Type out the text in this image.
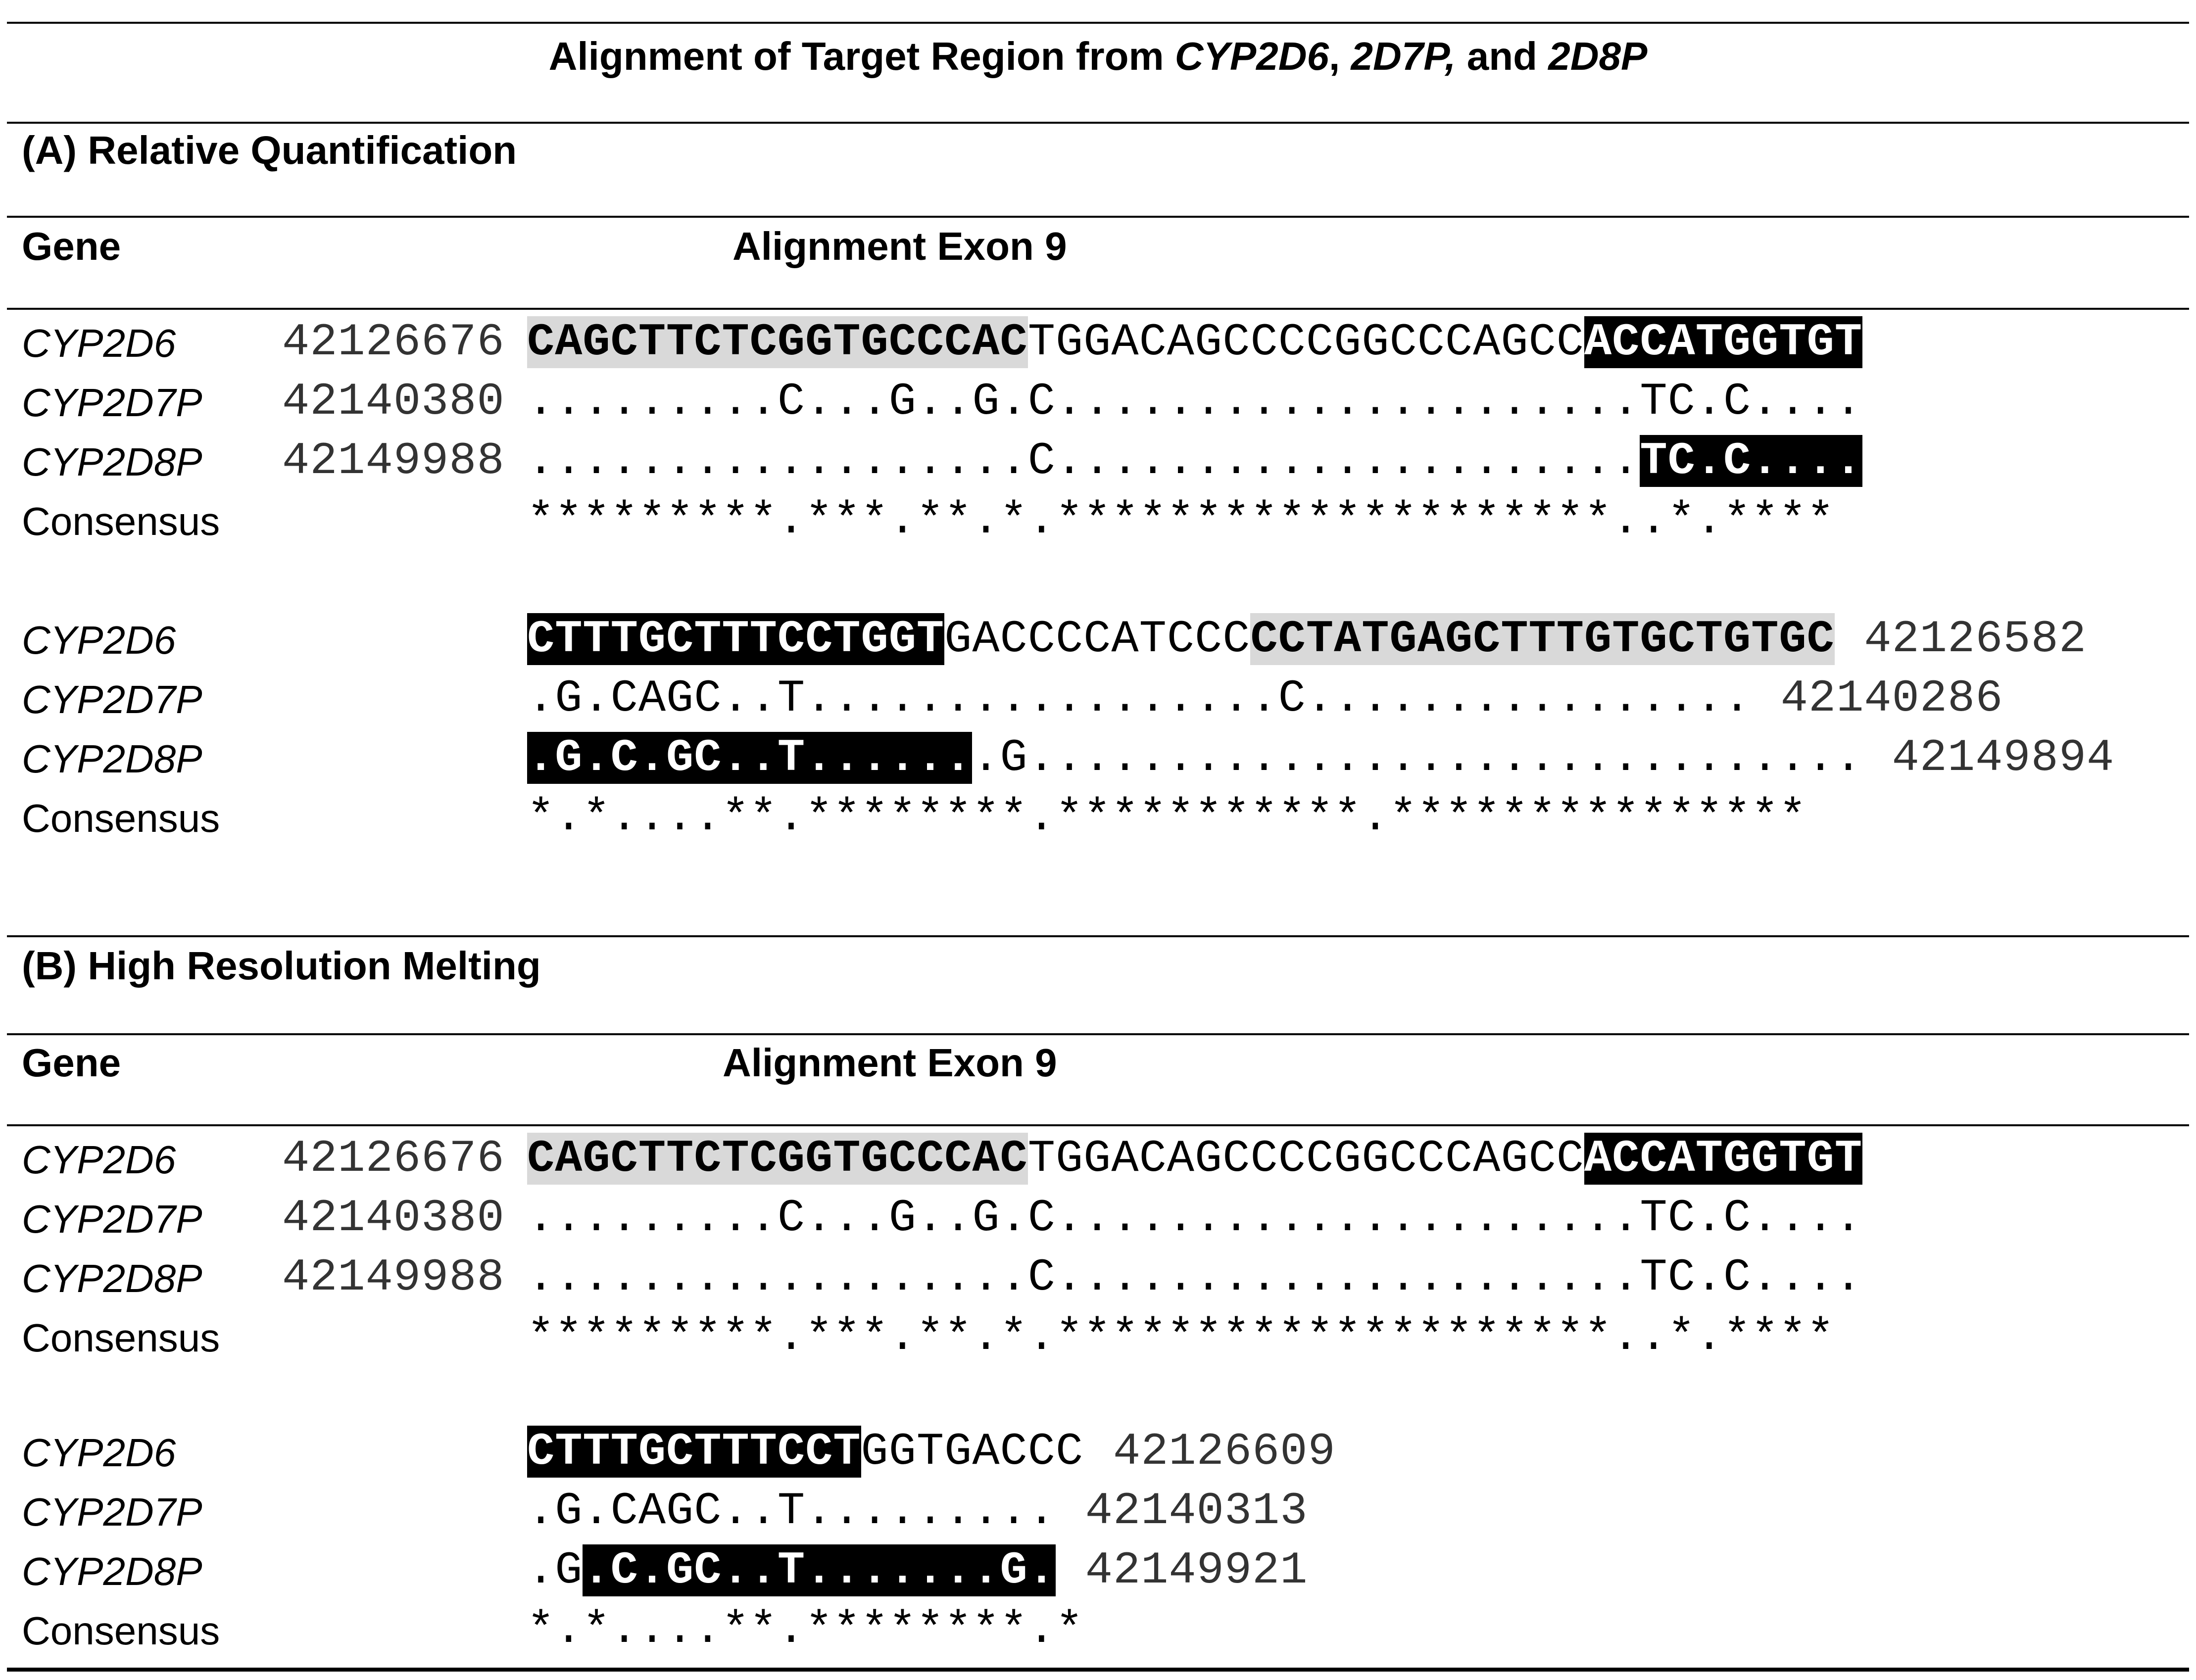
Alignment of Target Region from CYP2D6, 2D7P, and 2D8P
(A) Relative Quantification
Gene	Alignment Exon 9
(B) High Resolution Melting
Gene	Alignment Exon 9
CYP2D6 42126676 CAGCTTCTCGGTGCCCACTGGACAGCCCCGGCCCAGCCACCATGGTGT
CYP2D7P 42140380 .........C...G..G.C.....................TC.C....
CYP2D8P 42149988 ..................C.....................TC.C....
Consensus	*********.***.**.*.********************..*.****
CYP2D6	CTTTGCTTTCCTGGTGACCCCATCCCCCTATGAGCTTTGTGCTGTGC 42126582
CYP2D7P	.G.CAGC..T.................C................ 42140286
CYP2D8P	.G.C.GC..T.......G.............................. 42149894
Consensus	*.*....**.********.***********.***************
CYP2D6 42126676 CAGCTTCTCGGTGCCCACTGGACAGCCCCGGCCCAGCCACCATGGTGT
CYP2D7P 42140380 .........C...G..G.C.....................TC.C....
CYP2D8P 42149988 ..................C.....................TC.C....
Consensus	*********.***.**.*.********************..*.****
CYP2D6	CTTTGCTTTCCTGGTGACCC 42126609
CYP2D7P	.G.CAGC..T......... 42140313
CYP2D8P	.G.C.GC..T.......G. 42149921
Consensus	*.*....**.********.*
